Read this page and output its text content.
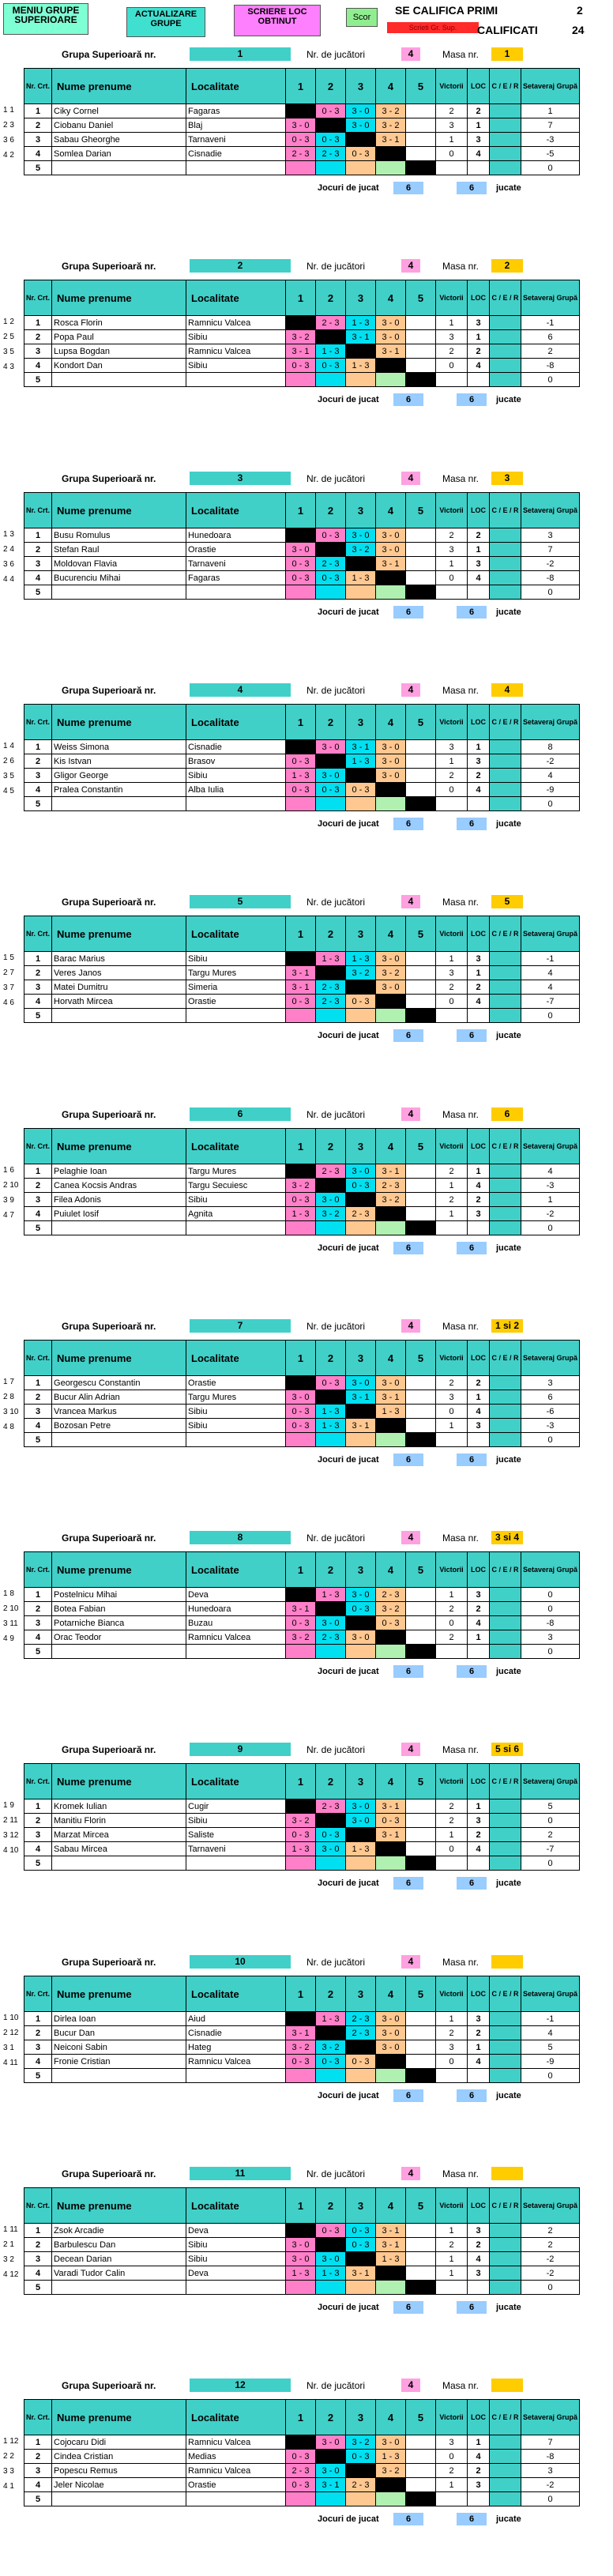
MENIU GRUPE SUPERIOARE	ACTUALIZARE GRUPE
SCRIERE LOC OBTINUT	Scor
SE CALIFICA PRIMI	2
Scrieti Gr. Sup.	CALIFICATI	24
Grupa Superioară nr.	1	Nr. de jucători	4	Masa nr.	1
Nr. Crt.	Nume prenume	Localitate	1	2	3	4	5	Victorii	LOC	C / E / R	Setaveraj Grupă
1	Ciky Cornel	Fagaras		0 - 3	3 - 0	3 - 2		2	2		1
2	Ciobanu Daniel	Blaj	3 - 0		3 - 0	3 - 2		3	1		7
3	Sabau Gheorghe	Tarnaveni	0 - 3	0 - 3		3 - 1		1	3		-3
4	Somlea Darian	Cisnadie	2 - 3	2 - 3	0 - 3			0	4		-5
5											0
1 1
2 3
3 6
4 2
Jocuri de jucat	6	6	jucate
Grupa Superioară nr.	2	Nr. de jucători	4	Masa nr.	2
Nr. Crt.	Nume prenume	Localitate	1	2	3	4	5	Victorii	LOC	C / E / R	Setaveraj Grupă
1	Rosca Florin	Ramnicu Valcea		2 - 3	1 - 3	3 - 0		1	3		-1
2	Popa Paul	Sibiu	3 - 2		3 - 1	3 - 0		3	1		6
3	Lupsa Bogdan	Ramnicu Valcea	3 - 1	1 - 3		3 - 1		2	2		2
4	Kondort Dan	Sibiu	0 - 3	0 - 3	1 - 3			0	4		-8
5											0
1 2
2 5
3 5
4 3
Jocuri de jucat	6	6	jucate
Grupa Superioară nr.	3	Nr. de jucători	4	Masa nr.	3
Nr. Crt.	Nume prenume	Localitate	1	2	3	4	5	Victorii	LOC	C / E / R	Setaveraj Grupă
1	Busu Romulus	Hunedoara		0 - 3	3 - 0	3 - 0		2	2		3
2	Stefan Raul	Orastie	3 - 0		3 - 2	3 - 0		3	1		7
3	Moldovan Flavia	Tarnaveni	0 - 3	2 - 3		3 - 1		1	3		-2
4	Bucurenciu Mihai	Fagaras	0 - 3	0 - 3	1 - 3			0	4		-8
5											0
1 3
2 4
3 6
4 4
Jocuri de jucat	6	6	jucate
Grupa Superioară nr.	4	Nr. de jucători	4	Masa nr.	4
Nr. Crt.	Nume prenume	Localitate	1	2	3	4	5	Victorii	LOC	C / E / R	Setaveraj Grupă
1	Weiss Simona	Cisnadie		3 - 0	3 - 1	3 - 0		3	1		8
2	Kis Istvan	Brasov	0 - 3		1 - 3	3 - 0		1	3		-2
3	Gligor George	Sibiu	1 - 3	3 - 0		3 - 0		2	2		4
4	Pralea Constantin	Alba Iulia	0 - 3	0 - 3	0 - 3			0	4		-9
5											0
1 4
2 6
3 5
4 5
Jocuri de jucat	6	6	jucate
Grupa Superioară nr.	5	Nr. de jucători	4	Masa nr.	5
Nr. Crt.	Nume prenume	Localitate	1	2	3	4	5	Victorii	LOC	C / E / R	Setaveraj Grupă
1	Barac Marius	Sibiu		1 - 3	1 - 3	3 - 0		1	3		-1
2	Veres Janos	Targu Mures	3 - 1		3 - 2	3 - 2		3	1		4
3	Matei Dumitru	Simeria	3 - 1	2 - 3		3 - 0		2	2		4
4	Horvath Mircea	Orastie	0 - 3	2 - 3	0 - 3			0	4		-7
5											0
1 5
2 7
3 7
4 6
Jocuri de jucat	6	6	jucate
Grupa Superioară nr.	6	Nr. de jucători	4	Masa nr.	6
Nr. Crt.	Nume prenume	Localitate	1	2	3	4	5	Victorii	LOC	C / E / R	Setaveraj Grupă
1	Pelaghie Ioan	Targu Mures		2 - 3	3 - 0	3 - 1		2	1		4
2	Canea Kocsis Andras	Targu Secuiesc	3 - 2		0 - 3	2 - 3		1	4		-3
3	Filea Adonis	Sibiu	0 - 3	3 - 0		3 - 2		2	2		1
4	Puiulet Iosif	Agnita	1 - 3	3 - 2	2 - 3			1	3		-2
5											0
1 6
2 10
3 9
4 7
Jocuri de jucat	6	6	jucate
Grupa Superioară nr.	7	Nr. de jucători	4	Masa nr.	1 si 2
Nr. Crt.	Nume prenume	Localitate	1	2	3	4	5	Victorii	LOC	C / E / R	Setaveraj Grupă
1	Georgescu Constantin	Orastie		0 - 3	3 - 0	3 - 0		2	2		3
2	Bucur Alin Adrian	Targu Mures	3 - 0		3 - 1	3 - 1		3	1		6
3	Vrancea Markus	Sibiu	0 - 3	1 - 3		1 - 3		0	4		-6
4	Bozosan Petre	Sibiu	0 - 3	1 - 3	3 - 1			1	3		-3
5											0
1 7
2 8
3 10
4 8
Jocuri de jucat	6	6	jucate
Grupa Superioară nr.	8	Nr. de jucători	4	Masa nr.	3 si 4
Nr. Crt.	Nume prenume	Localitate	1	2	3	4	5	Victorii	LOC	C / E / R	Setaveraj Grupă
1	Postelnicu Mihai	Deva		1 - 3	3 - 0	2 - 3		1	3		0
2	Botea Fabian	Hunedoara	3 - 1		0 - 3	3 - 2		2	2		0
3	Potarniche Bianca	Buzau	0 - 3	3 - 0		0 - 3		0	4		-8
4	Orac Teodor	Ramnicu Valcea	3 - 2	2 - 3	3 - 0			2	1		3
5											0
1 8
2 10
3 11
4 9
Jocuri de jucat	6	6	jucate
Grupa Superioară nr.	9	Nr. de jucători	4	Masa nr.	5 si 6
Nr. Crt.	Nume prenume	Localitate	1	2	3	4	5	Victorii	LOC	C / E / R	Setaveraj Grupă
1	Kromek Iulian	Cugir		2 - 3	3 - 0	3 - 1		2	1		5
2	Manitiu Florin	Sibiu	3 - 2		3 - 0	0 - 3		2	3		0
3	Marzat Mircea	Saliste	0 - 3	0 - 3		3 - 1		1	2		2
4	Sabau Mircea	Tarnaveni	1 - 3	3 - 0	1 - 3			0	4		-7
5											0
1 9
2 11
3 12
4 10
Jocuri de jucat	6	6	jucate
Grupa Superioară nr.	10	Nr. de jucători	4	Masa nr.
Nr. Crt.	Nume prenume	Localitate	1	2	3	4	5	Victorii	LOC	C / E / R	Setaveraj Grupă
1	Dirlea Ioan	Aiud		1 - 3	2 - 3	3 - 0		1	3		-1
2	Bucur Dan	Cisnadie	3 - 1		2 - 3	3 - 0		2	2		4
3	Neiconi Sabin	Hateg	3 - 2	3 - 2		3 - 0		3	1		5
4	Fronie Cristian	Ramnicu Valcea	0 - 3	0 - 3	0 - 3			0	4		-9
5											0
1 10
2 12
3 1
4 11
Jocuri de jucat	6	6	jucate
Grupa Superioară nr.	11	Nr. de jucători	4	Masa nr.
Nr. Crt.	Nume prenume	Localitate	1	2	3	4	5	Victorii	LOC	C / E / R	Setaveraj Grupă
1	Zsok Arcadie	Deva		0 - 3	0 - 3	3 - 1		1	3		2
2	Barbulescu Dan	Sibiu	3 - 0		0 - 3	3 - 1		2	2		2
3	Decean Darian	Sibiu	3 - 0	3 - 0		1 - 3		1	4		-2
4	Varadi Tudor Calin	Deva	1 - 3	1 - 3	3 - 1			1	3		-2
5											0
1 11
2 1
3 2
4 12
Jocuri de jucat	6	6	jucate
Grupa Superioară nr.	12	Nr. de jucători	4	Masa nr.
Nr. Crt.	Nume prenume	Localitate	1	2	3	4	5	Victorii	LOC	C / E / R	Setaveraj Grupă
1	Cojocaru Didi	Ramnicu Valcea		3 - 0	3 - 2	3 - 0		3	1		7
2	Cindea Cristian	Medias	0 - 3		0 - 3	1 - 3		0	4		-8
3	Popescu Remus	Ramnicu Valcea	2 - 3	3 - 0		3 - 2		2	2		3
4	Jeler Nicolae	Orastie	0 - 3	3 - 1	2 - 3			1	3		-2
5											0
1 12
2 2
3 3
4 1
Jocuri de jucat	6	6	jucate
